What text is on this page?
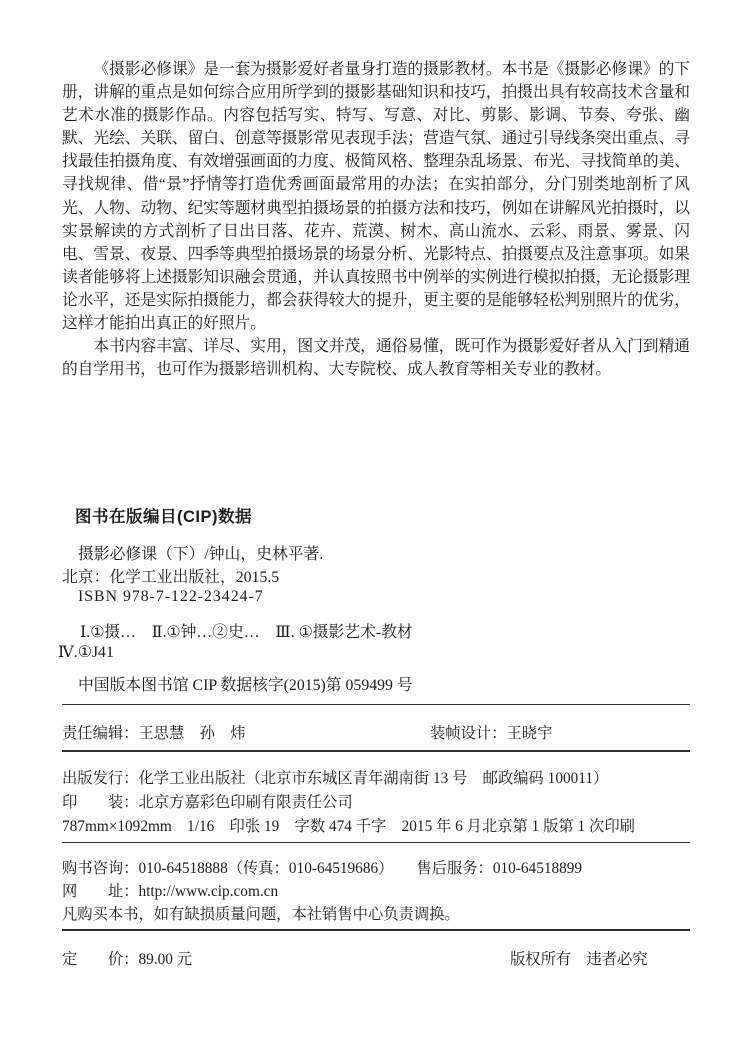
《摄影必修课》是一套为摄影爱好者量身打造的摄影教材。本书是《摄影必修课》的下册，讲解的重点是如何综合应用所学到的摄影基础知识和技巧，拍摄出具有较高技术含量和艺术水准的摄影作品。内容包括写实、特写、写意、对比、剪影、影调、节奏、夸张、幽默、光绘、关联、留白、创意等摄影常见表现手法；营造气氛、通过引导线条突出重点、寻找最佳拍摄角度、有效增强画面的力度、极简风格、整理杂乱场景、布光、寻找简单的美、寻找规律、借“景”抒情等打造优秀画面最常用的办法；在实拍部分，分门别类地剖析了风光、人物、动物、纪实等题材典型拍摄场景的拍摄方法和技巧，例如在讲解风光拍摄时，以实景解读的方式剖析了日出日落、花卉、荒漠、树木、高山流水、云彩、雨景、雾景、闪电、雪景、夜景、四季等典型拍摄场景的场景分析、光影特点、拍摄要点及注意事项。如果读者能够将上述摄影知识融会贯通，并认真按照书中例举的实例进行模拟拍摄，无论摄影理论水平，还是实际拍摄能力，都会获得较大的提升，更主要的是能够轻松判别照片的优劣，这样才能拍出真正的好照片。

本书内容丰富、详尽、实用，图文并茂，通俗易懂，既可作为摄影爱好者从入门到精通的自学用书，也可作为摄影培训机构、大专院校、成人教育等相关专业的教材。

图书在版编目(CIP)数据
摄影必修课（下）/钟山，史林平著.
北京：化学工业出版社，2015.5
ISBN 978-7-122-23424-7
Ⅰ.①摄…　Ⅱ.①钟…②史…　Ⅲ. ①摄影艺术-教材
Ⅳ.①J41
中国版本图书馆 CIP 数据核字(2015)第 059499 号
责任编辑：王思慧　孙　炜	装帧设计：王晓宇
出版发行：化学工业出版社（北京市东城区青年湖南街 13 号　邮政编码 100011）
印　　装：北京方嘉彩色印刷有限责任公司
787mm×1092mm　1/16　印张 19　字数 474 千字　2015 年 6 月北京第 1 版第 1 次印刷
购书咨询：010-64518888（传真：010-64519686）　　售后服务：010-64518899
网　　址：http://www.cip.com.cn
凡购买本书，如有缺损质量问题，本社销售中心负责调换。
定　　价：89.00 元	版权所有　违者必究
